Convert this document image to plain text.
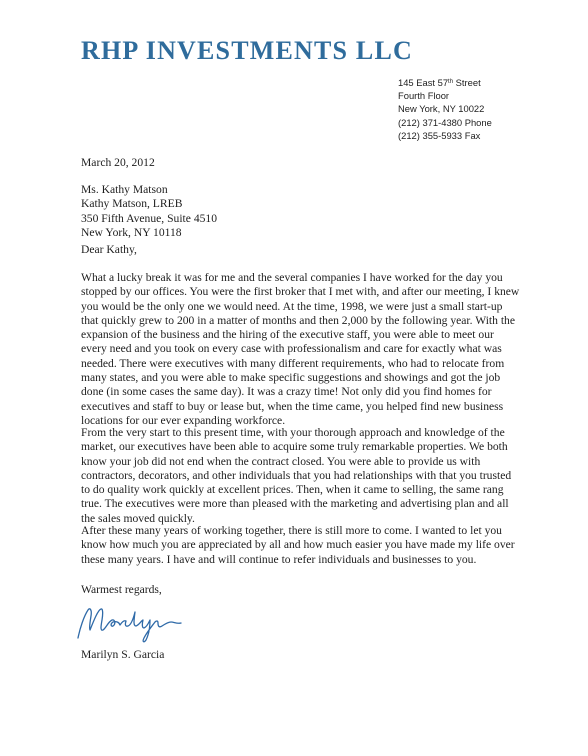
RHP INVESTMENTS LLC
145 East 57th Street
Fourth Floor
New York, NY 10022
(212) 371-4380 Phone
(212) 355-5933 Fax
March 20, 2012
Ms. Kathy Matson
Kathy Matson, LREB
350 Fifth Avenue, Suite 4510
New York, NY 10118
Dear Kathy,
What a lucky break it was for me and the several companies I have worked for the day you stopped by our offices. You were the first broker that I met with, and after our meeting, I knew you would be the only one we would need. At the time, 1998, we were just a small start-up that quickly grew to 200 in a matter of months and then 2,000 by the following year. With the expansion of the business and the hiring of the executive staff, you were able to meet our every need and you took on every case with professionalism and care for exactly what was needed. There were executives with many different requirements, who had to relocate from many states, and you were able to make specific suggestions and showings and got the job done (in some cases the same day). It was a crazy time! Not only did you find homes for executives and staff to buy or lease but, when the time came, you helped find new business locations for our ever expanding workforce.
From the very start to this present time, with your thorough approach and knowledge of the market, our executives have been able to acquire some truly remarkable properties. We both know your job did not end when the contract closed. You were able to provide us with contractors, decorators, and other individuals that you had relationships with that you trusted to do quality work quickly at excellent prices. Then, when it came to selling, the same rang true. The executives were more than pleased with the marketing and advertising plan and all the sales moved quickly.
After these many years of working together, there is still more to come. I wanted to let you know how much you are appreciated by all and how much easier you have made my life over these many years. I have and will continue to refer individuals and businesses to you.
Warmest regards,
Marilyn S. Garcia
